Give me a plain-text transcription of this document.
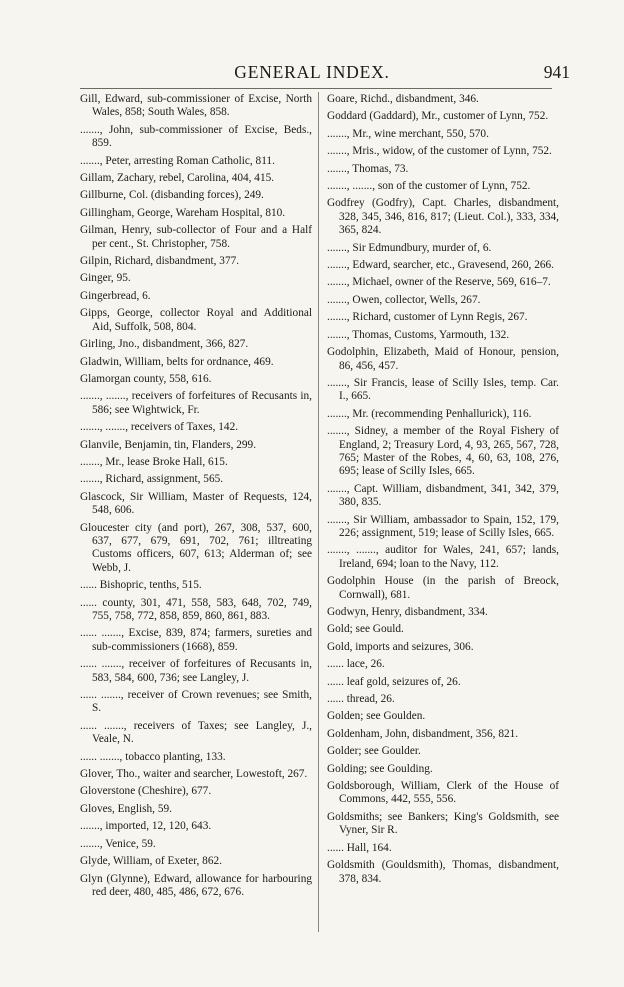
GENERAL INDEX.	941
Gill, Edward, sub-commissioner of Excise, North Wales, 858; South Wales, 858.
......., John, sub-commissioner of Excise, Beds., 859.
......., Peter, arresting Roman Catholic, 811.
Gillam, Zachary, rebel, Carolina, 404, 415.
Gillburne, Col. (disbanding forces), 249.
Gillingham, George, Wareham Hospital, 810.
Gilman, Henry, sub-collector of Four and a Half per cent., St. Christopher, 758.
Gilpin, Richard, disbandment, 377.
Ginger, 95.
Gingerbread, 6.
Gipps, George, collector Royal and Additional Aid, Suffolk, 508, 804.
Girling, Jno., disbandment, 366, 827.
Gladwin, William, belts for ordnance, 469.
Glamorgan county, 558, 616.
......., ......., receivers of forfeitures of Recusants in, 586; see Wightwick, Fr.
......., ......., receivers of Taxes, 142.
Glanvile, Benjamin, tin, Flanders, 299.
......., Mr., lease Broke Hall, 615.
......., Richard, assignment, 565.
Glascock, Sir William, Master of Requests, 124, 548, 606.
Gloucester city (and port), 267, 308, 537, 600, 637, 677, 679, 691, 702, 761; illtreating Customs officers, 607, 613; Alderman of; see Webb, J.
...... Bishopric, tenths, 515.
...... county, 301, 471, 558, 583, 648, 702, 749, 755, 758, 772, 858, 859, 860, 861, 883.
...... ......., Excise, 839, 874; farmers, sureties and sub-commissioners (1668), 859.
...... ......., receiver of forfeitures of Recusants in, 583, 584, 600, 736; see Langley, J.
...... ......., receiver of Crown revenues; see Smith, S.
...... ......., receivers of Taxes; see Langley, J., Veale, N.
...... ......., tobacco planting, 133.
Glover, Tho., waiter and searcher, Lowestoft, 267.
Gloverstone (Cheshire), 677.
Gloves, English, 59.
......., imported, 12, 120, 643.
......., Venice, 59.
Glyde, William, of Exeter, 862.
Glyn (Glynne), Edward, allowance for harbouring red deer, 480, 485, 486, 672, 676.
Goare, Richd., disbandment, 346.
Goddard (Gaddard), Mr., customer of Lynn, 752.
......., Mr., wine merchant, 550, 570.
......., Mris., widow, of the customer of Lynn, 752.
......., Thomas, 73.
......., ......., son of the customer of Lynn, 752.
Godfrey (Godfry), Capt. Charles, disbandment, 328, 345, 346, 816, 817; (Lieut. Col.), 333, 334, 365, 824.
......., Sir Edmundbury, murder of, 6.
......., Edward, searcher, etc., Gravesend, 260, 266.
......., Michael, owner of the Reserve, 569, 616–7.
......., Owen, collector, Wells, 267.
......., Richard, customer of Lynn Regis, 267.
......., Thomas, Customs, Yarmouth, 132.
Godolphin, Elizabeth, Maid of Honour, pension, 86, 456, 457.
......., Sir Francis, lease of Scilly Isles, temp. Car. I., 665.
......., Mr. (recommending Penhallurick), 116.
......., Sidney, a member of the Royal Fishery of England, 2; Treasury Lord, 4, 93, 265, 567, 728, 765; Master of the Robes, 4, 60, 63, 108, 276, 695; lease of Scilly Isles, 665.
......., Capt. William, disbandment, 341, 342, 379, 380, 835.
......., Sir William, ambassador to Spain, 152, 179, 226; assignment, 519; lease of Scilly Isles, 665.
......., ......., auditor for Wales, 241, 657; lands, Ireland, 694; loan to the Navy, 112.
Godolphin House (in the parish of Breock, Cornwall), 681.
Godwyn, Henry, disbandment, 334.
Gold; see Gould.
Gold, imports and seizures, 306.
...... lace, 26.
...... leaf gold, seizures of, 26.
...... thread, 26.
Golden; see Goulden.
Goldenham, John, disbandment, 356, 821.
Golder; see Goulder.
Golding; see Goulding.
Goldsborough, William, Clerk of the House of Commons, 442, 555, 556.
Goldsmiths; see Bankers; King's Goldsmith, see Vyner, Sir R.
...... Hall, 164.
Goldsmith (Gouldsmith), Thomas, disbandment, 378, 834.
